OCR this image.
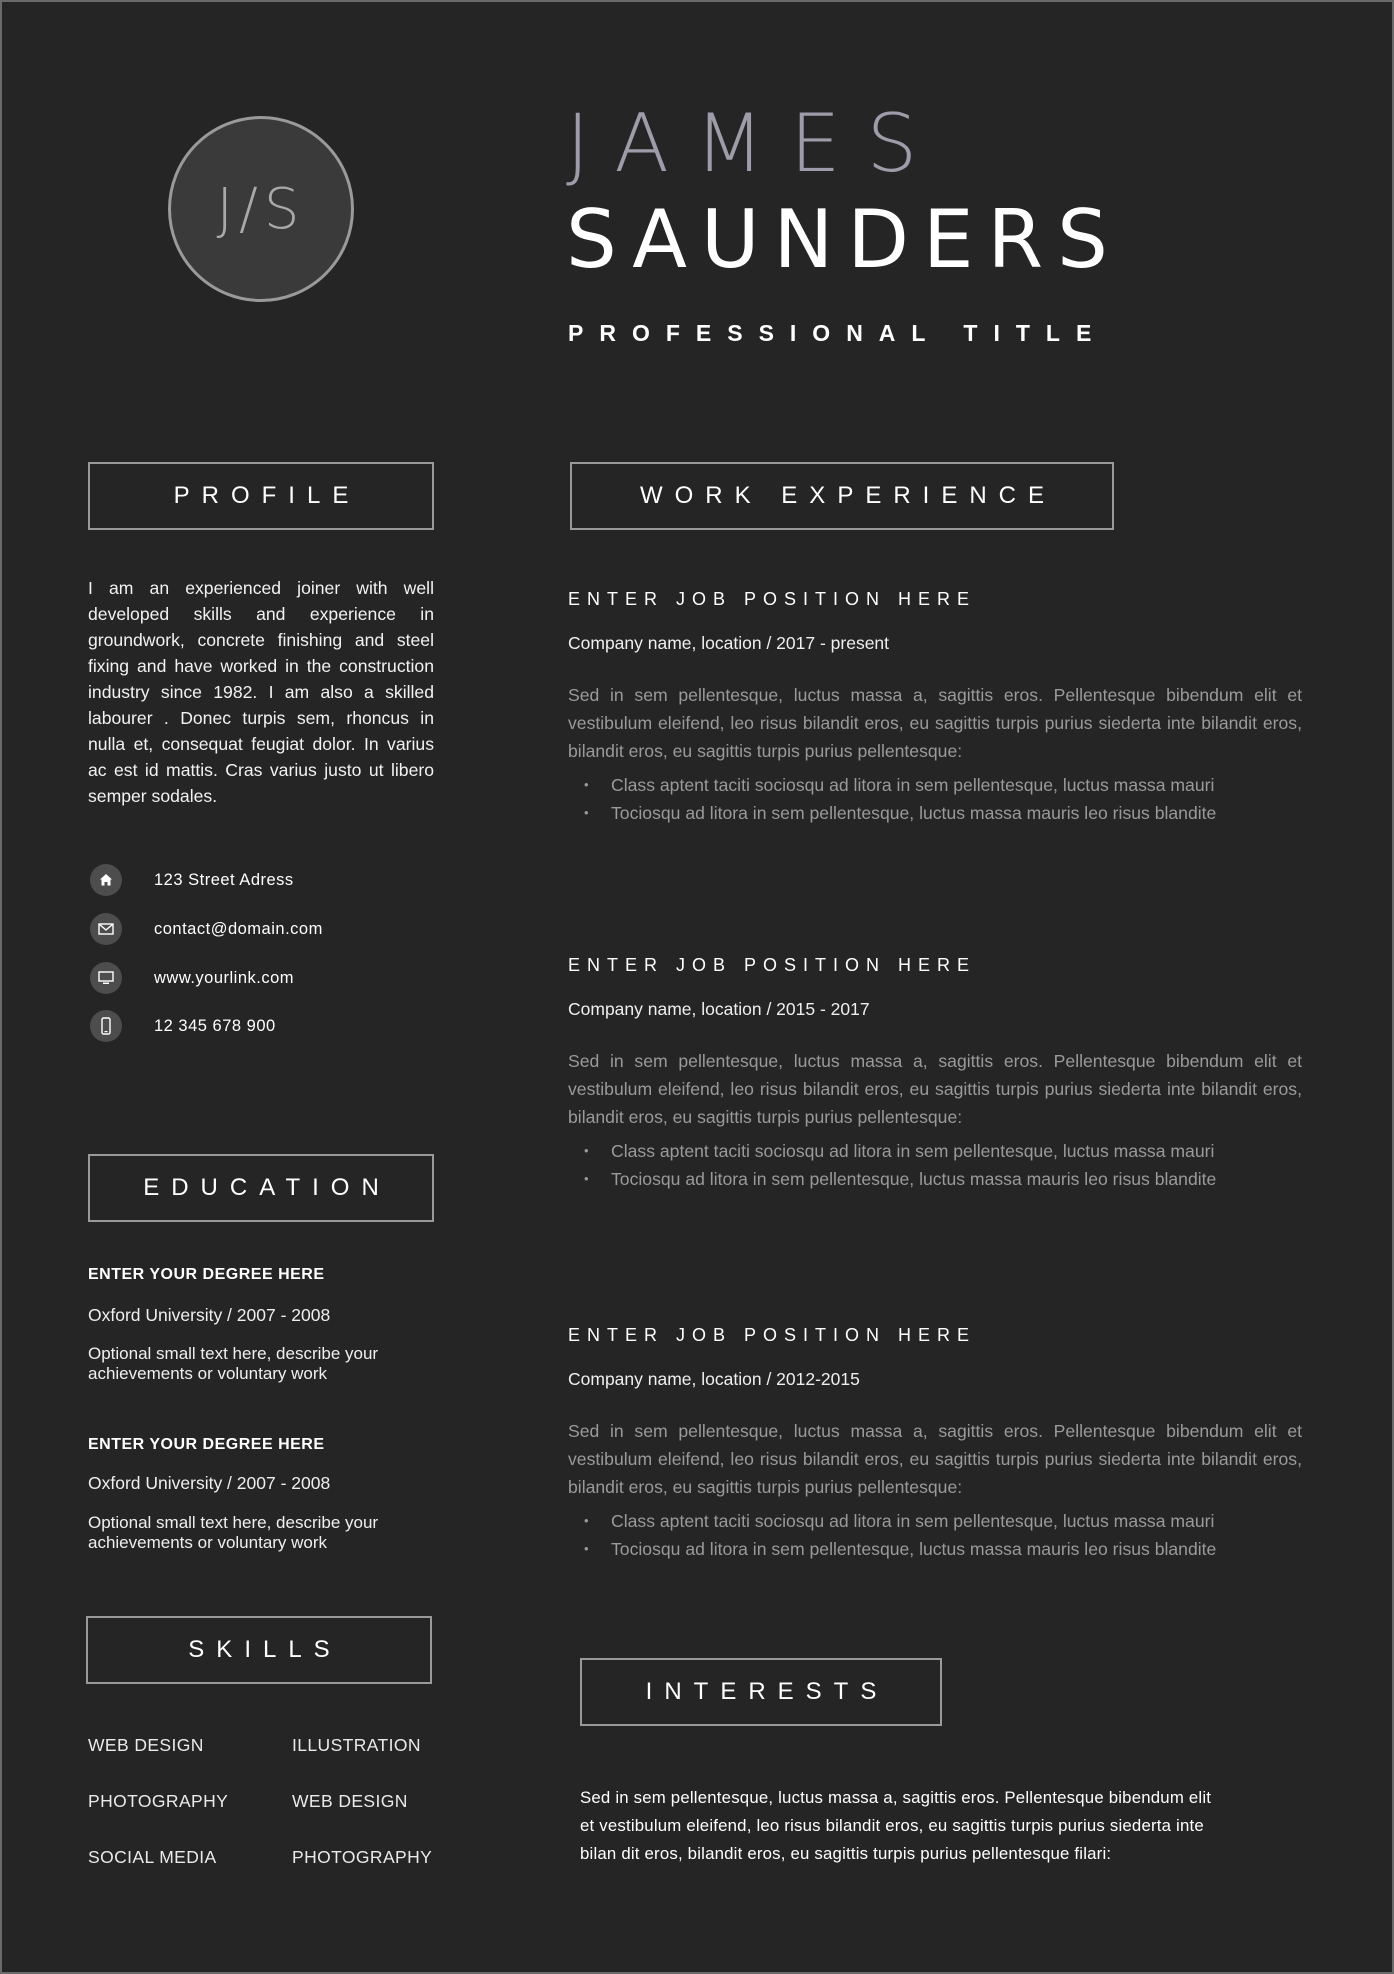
J/S
JAMES
SAUNDERS
PROFESSIONAL TITLE
PROFILE
I am an experienced joiner with well developed skills and experience in groundwork, concrete finishing and steel fixing and have worked in the construction industry since 1982. I am also a skilled labourer . Donec turpis sem, rhoncus in nulla et, consequat feugiat dolor. In varius ac est id mattis. Cras varius justo ut libero semper sodales.
123 Street Adress
contact@domain.com
www.yourlink.com
12 345 678 900
EDUCATION
ENTER YOUR DEGREE HERE
Oxford University / 2007 - 2008
Optional small text here, describe your
achievements or voluntary work
ENTER YOUR DEGREE HERE
Oxford University / 2007 - 2008
Optional small text here, describe your
achievements or voluntary work
SKILLS
WEB DESIGN	ILLUSTRATION
PHOTOGRAPHY	WEB DESIGN
SOCIAL MEDIA	PHOTOGRAPHY
WORK EXPERIENCE
ENTER JOB POSITION HERE
Company name, location / 2017 - present
Sed in sem pellentesque, luctus massa a, sagittis eros. Pellentesque bibendum elit et vestibulum eleifend, leo risus bilandit eros, eu sagittis turpis purius siederta inte bilandit eros, bilandit eros, eu sagittis turpis purius pellentesque:
• Class aptent taciti sociosqu ad litora in sem pellentesque, luctus massa mauri
• Tociosqu ad litora in sem pellentesque, luctus massa mauris leo risus blandite
ENTER JOB POSITION HERE
Company name, location / 2015 - 2017
Sed in sem pellentesque, luctus massa a, sagittis eros. Pellentesque bibendum elit et vestibulum eleifend, leo risus bilandit eros, eu sagittis turpis purius siederta inte bilandit eros, bilandit eros, eu sagittis turpis purius pellentesque:
• Class aptent taciti sociosqu ad litora in sem pellentesque, luctus massa mauri
• Tociosqu ad litora in sem pellentesque, luctus massa mauris leo risus blandite
ENTER JOB POSITION HERE
Company name, location / 2012-2015
Sed in sem pellentesque, luctus massa a, sagittis eros. Pellentesque bibendum elit et vestibulum eleifend, leo risus bilandit eros, eu sagittis turpis purius siederta inte bilandit eros, bilandit eros, eu sagittis turpis purius pellentesque:
• Class aptent taciti sociosqu ad litora in sem pellentesque, luctus massa mauri
• Tociosqu ad litora in sem pellentesque, luctus massa mauris leo risus blandite
INTERESTS
Sed in sem pellentesque, luctus massa a, sagittis eros. Pellentesque bibendum elit
et vestibulum eleifend, leo risus bilandit eros, eu sagittis turpis purius siederta inte
bilan dit eros, bilandit eros, eu sagittis turpis purius pellentesque filari:
